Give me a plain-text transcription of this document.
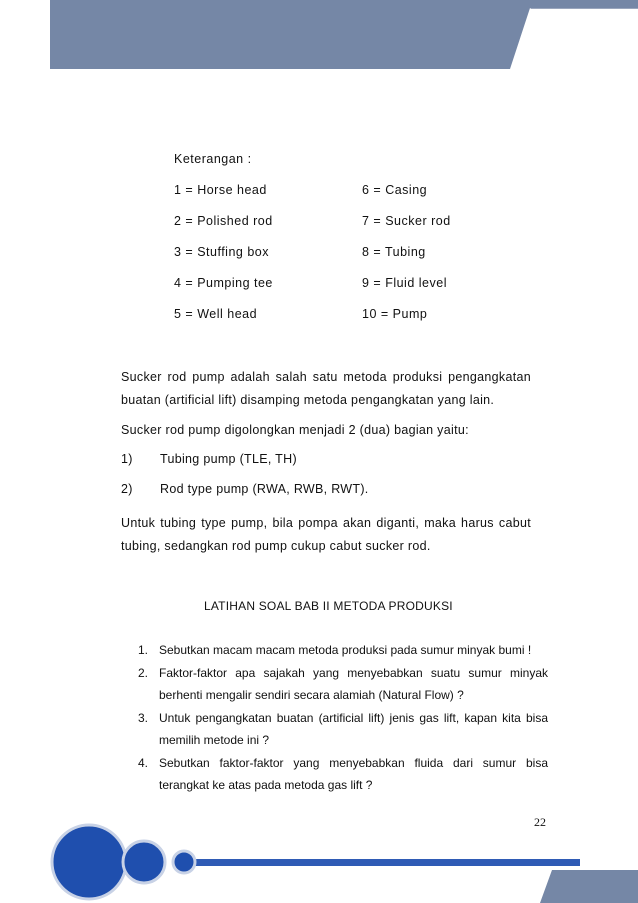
Keterangan :
1 = Horse head	6 = Casing
2 = Polished rod	7 = Sucker rod
3 = Stuffing box	8 = Tubing
4 = Pumping tee	9 = Fluid level
5 = Well head	10 = Pump

Sucker rod pump adalah salah satu metoda produksi pengangkatan

buatan (artificial lift) disamping metoda pengangkatan yang lain.

Sucker rod pump digolongkan menjadi 2 (dua) bagian yaitu:

1) Tubing pump (TLE, TH)
2) Rod type pump (RWA, RWB, RWT).

Untuk tubing type pump, bila pompa akan diganti, maka harus cabut

tubing, sedangkan rod pump cukup cabut sucker rod.

LATIHAN SOAL BAB II METODA PRODUKSI
1. Sebutkan macam macam metoda produksi pada sumur minyak bumi !
2. Faktor-faktor apa sajakah yang menyebabkan suatu sumur minyak berhenti mengalir sendiri secara alamiah (Natural Flow) ?
3. Untuk pengangkatan buatan (artificial lift) jenis gas lift, kapan kita bisa memilih metode ini ?
4. Sebutkan faktor-faktor yang menyebabkan fluida dari sumur bisa terangkat ke atas pada metoda gas lift ?
22
